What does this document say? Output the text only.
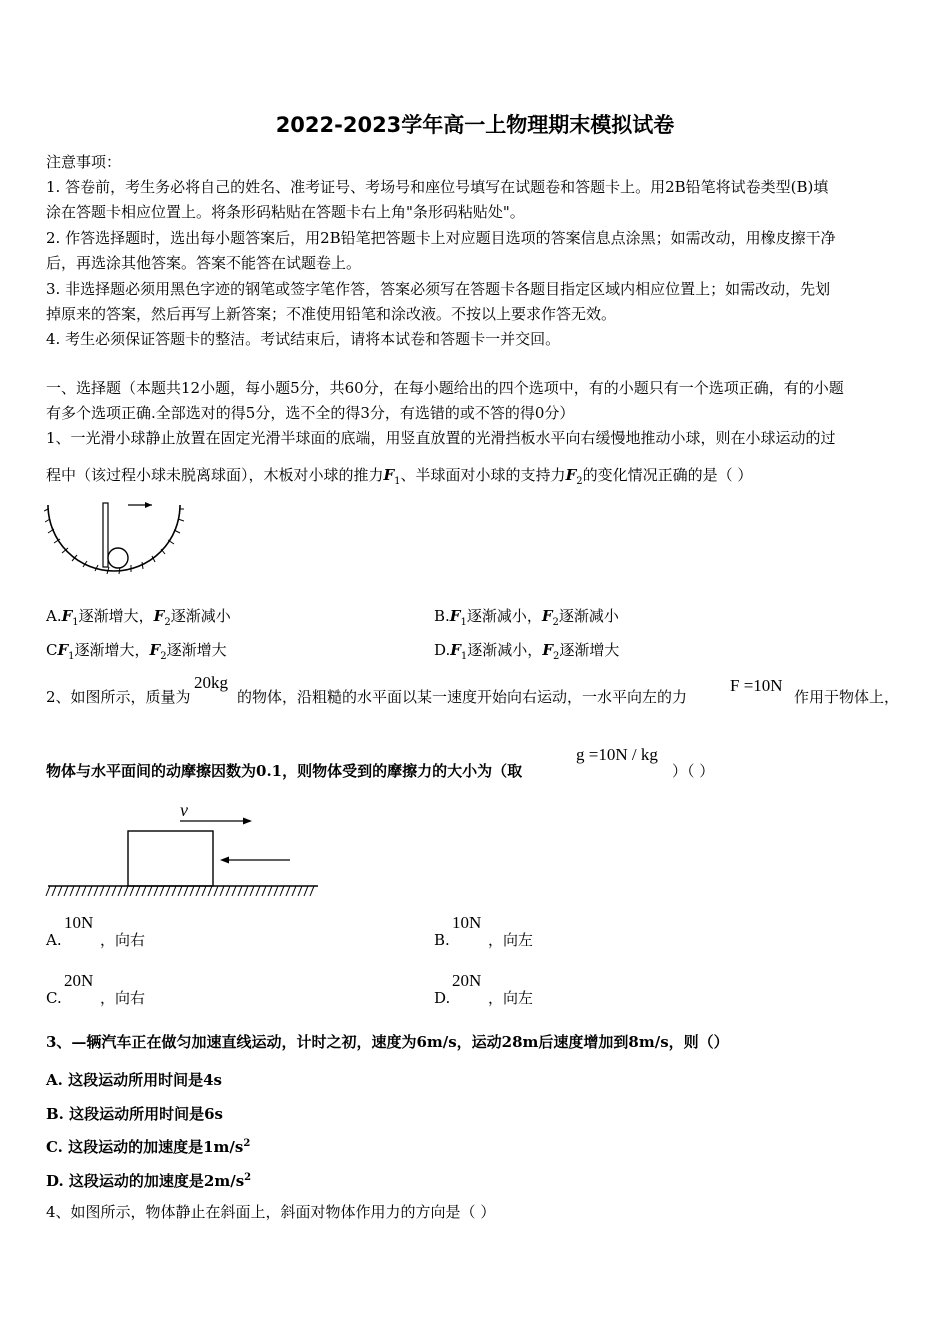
2022-2023学年高一上物理期末模拟试卷
注意事项：
1. 答卷前，考生务必将自己的姓名、准考证号、考场号和座位号填写在试题卷和答题卡上。用2B铅笔将试卷类型(B)填
涂在答题卡相应位置上。将条形码粘贴在答题卡右上角"条形码粘贴处"。
2. 作答选择题时，选出每小题答案后，用2B铅笔把答题卡上对应题目选项的答案信息点涂黑；如需改动，用橡皮擦干净
后，再选涂其他答案。答案不能答在试题卷上。
3. 非选择题必须用黑色字迹的钢笔或签字笔作答，答案必须写在答题卡各题目指定区域内相应位置上；如需改动，先划
掉原来的答案，然后再写上新答案；不准使用铅笔和涂改液。不按以上要求作答无效。
4. 考生必须保证答题卡的整洁。考试结束后，请将本试卷和答题卡一并交回。
一、选择题（本题共12小题，每小题5分，共60分，在每小题给出的四个选项中，有的小题只有一个选项正确，有的小题
有多个选项正确.全部选对的得5分，选不全的得3分，有选错的或不答的得0分）
1、一光滑小球静止放置在固定光滑半球面的底端，用竖直放置的光滑挡板水平向右缓慢地推动小球，则在小球运动的过
程中（该过程小球未脱离球面），木板对小球的推力$F_1$、半球面对小球的支持力$F_2$的变化情况正确的是（ ）
$A.F_1$逐渐增大，$F_2$逐渐减小	$B.F_1$逐渐减小，$F_2$逐渐减小
$CF_1$逐渐增大，$F_2$逐渐增大	$D.F_1$逐渐减小，$F_2$逐渐增大
2、如图所示，质量为
20kg
的物体，沿粗糙的水平面以某一速度开始向右运动，一水平向左的力
F =10N
作用于物体上，
物体与水平面间的动摩擦因数为0.1，则物体受到的摩擦力的大小为（取
g =10N / kg
）（ ）
v
A.
10N
，向右	B.
10N
，向左
C.
20N
，向右	D.
20N
，向左
3、—辆汽车正在做匀加速直线运动，计时之初，速度为6m/s，运动28m后速度增加到8m/s，则（）
A. 这段运动所用时间是4s
B. 这段运动所用时间是6s
C. 这段运动的加速度是$1m/s^2$
D. 这段运动的加速度是$2m/s^2$
4、如图所示，物体静止在斜面上，斜面对物体作用力的方向是（ ）
